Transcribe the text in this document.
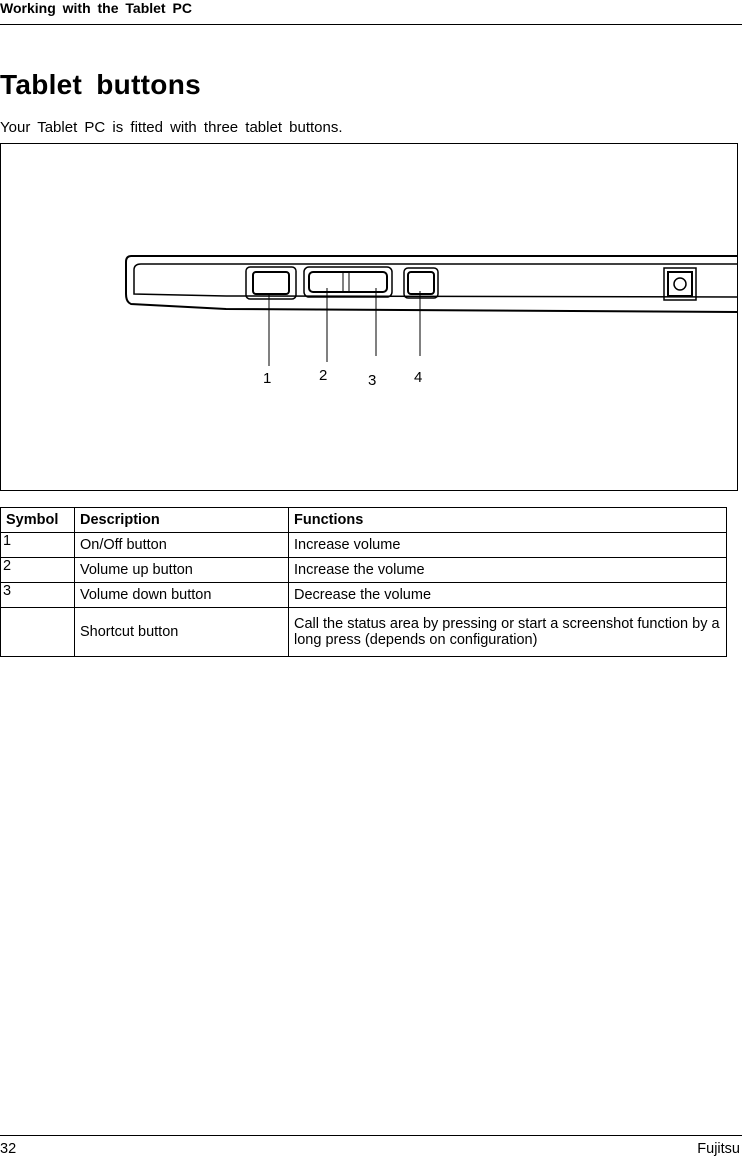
Working with the Tablet PC
Tablet buttons

Your Tablet PC is fitted with three tablet buttons.

1	2	3	4
Symbol	Description	Functions
1	On/Off button	Increase volume
2	Volume up button	Increase the volume
3	Volume down button	Decrease the volume
	Shortcut button	Call the status area by pressing or start a screenshot function by a long press (depends on configuration)
32	Fujitsu
